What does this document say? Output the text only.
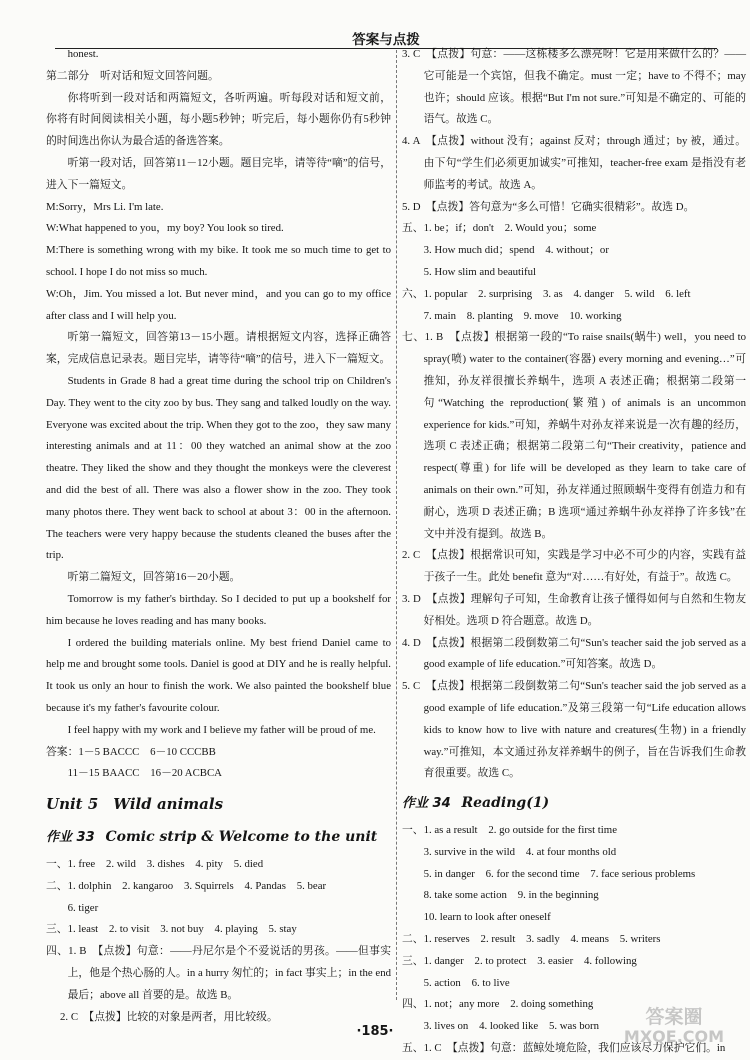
答案与点拨

honest.

第二部分　听对话和短文回答问题。

你将听到一段对话和两篇短文，各听两遍。听每段对话和短文前，你将有时间阅读相关小题，每小题5秒钟；听完后，每小题你仍有5秒钟的时间选出你认为最合适的备选答案。

听第一段对话，回答第11－12小题。题目完毕，请等待“嘀”的信号，进入下一篇短文。

M:Sorry，Mrs Li. I'm late.

W:What happened to you，my boy? You look so tired.

M:There is something wrong with my bike. It took me so much time to get to school. I hope I do not miss so much.

W:Oh，Jim. You missed a lot. But never mind，and you can go to my office after class and I will help you.

听第一篇短文，回答第13－15小题。请根据短文内容，选择正确答案，完成信息记录表。题目完毕，请等待“嘀”的信号，进入下一篇短文。

Students in Grade 8 had a great time during the school trip on Children's Day. They went to the city zoo by bus. They sang and talked loudly on the way. Everyone was excited about the trip. When they got to the zoo，they saw many interesting animals and at 11：00 they watched an animal show at the zoo theatre. They liked the show and they thought the monkeys were the cleverest and did the best of all. There was also a flower show in the zoo. They took many photos there. They went back to school at about 3：00 in the afternoon. The teachers were very happy because the students cleaned the buses after the trip.

听第二篇短文，回答第16－20小题。

Tomorrow is my father's birthday. So I decided to put up a bookshelf for him because he loves reading and has many books.

I ordered the building materials online. My best friend Daniel came to help me and brought some tools. Daniel is good at DIY and he is really helpful. It took us only an hour to finish the work. We also painted the bookshelf blue because it's my father's favourite colour.

I feel happy with my work and I believe my father will be proud of me.

答案：1－5 BACCC　6－10 CCCBB

11－15 BAACC　16－20 ACBCA

Unit 5　Wild animals
作业 33 Comic strip & Welcome to the unit

一、1. free　2. wild　3. dishes　4. pity　5. died

二、1. dolphin　2. kangaroo　3. Squirrels　4. Pandas　5. bear

6. tiger

三、1. least　2. to visit　3. not buy　4. playing　5. stay

四、1. B　【点拨】句意：——丹尼尔是个不爱说话的男孩。——但事实上，他是个热心肠的人。in a hurry 匆忙的；in fact 事实上；in the end 最后；above all 首要的是。故选 B。

2. C　【点拨】比较的对象是两者，用比较级。

3. C　【点拨】句意：——这栋楼多么漂亮呀！它是用来做什么的？——它可能是一个宾馆，但我不确定。must 一定；have to 不得不；may 也许；should 应该。根据“But I'm not sure.”可知是不确定的、可能的语气。故选 C。

4. A　【点拨】without 没有；against 反对；through 通过；by 被，通过。由下句“学生们必须更加诚实”可推知，teacher-free exam 是指没有老师监考的考试。故选 A。

5. D　【点拨】答句意为“多么可惜！它确实很精彩”。故选 D。

五、1. be；if；don't　2. Would you；some

3. How much did；spend　4. without；or

5. How slim and beautiful

六、1. popular　2. surprising　3. as　4. danger　5. wild　6. left

7. main　8. planting　9. move　10. working

七、1. B　【点拨】根据第一段的“To raise snails(蜗牛) well，you need to spray(喷) water to the container(容器) every morning and evening…”可推知，孙友祥很擅长养蜗牛，选项 A 表述正确；根据第二段第一句“Watching the reproduction(繁殖) of animals is an uncommon experience for kids.”可知，养蜗牛对孙友祥来说是一次有趣的经历，选项 C 表述正确；根据第二段第二句“Their creativity，patience and respect(尊重) for life will be developed as they learn to take care of animals on their own.”可知，孙友祥通过照顾蜗牛变得有创造力和有耐心，选项 D 表述正确；B 选项“通过养蜗牛孙友祥挣了许多钱”在文中并没有提到。故选 B。

2. C　【点拨】根据常识可知，实践是学习中必不可少的内容，实践有益于孩子一生。此处 benefit 意为“对……有好处，有益于”。故选 C。

3. D　【点拨】理解句子可知，生命教育让孩子懂得如何与自然和生物友好相处。选项 D 符合题意。故选 D。

4. D　【点拨】根据第二段倒数第二句“Sun's teacher said the job served as a good example of life education.”可知答案。故选 D。

5. C　【点拨】根据第二段倒数第二句“Sun's teacher said the job served as a good example of life education.”及第三段第一句“Life education allows kids to know how to live with nature and creatures(生物) in a friendly way.”可推知，本文通过孙友祥养蜗牛的例子，旨在告诉我们生命教育很重要。故选 C。

作业 34 Reading(1)

一、1. as a result　2. go outside for the first time

3. survive in the wild　4. at four months old

5. in danger　6. for the second time　7. face serious problems

8. take some action　9. in the beginning

10. learn to look after oneself

二、1. reserves　2. result　3. sadly　4. means　5. writers

三、1. danger　2. to protect　3. easier　4. following

5. action　6. to live

四、1. not；any more　2. doing something

3. lives on　4. looked like　5. was born

五、1. C　【点拨】句意：蓝鲸处境危险，我们应该尽力保护它们。in

·185·
答案圈
MXQE.COM
